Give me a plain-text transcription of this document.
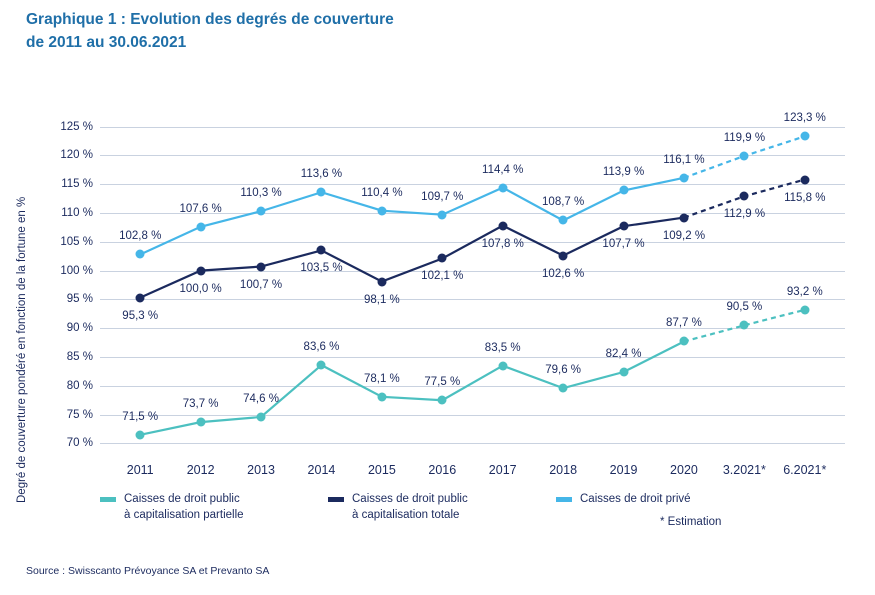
Graphique 1 : Evolution des degrés de couverture
de 2011 au 30.06.2021
Degré de couverture pondéré en fonction de la fortune en %	70 %
75 %
80 %
85 %
90 %
95 %
100 %
105 %
110 %
115 %
120 %
125 %
102,8 %
107,6 %
110,3 %
113,6 %
110,4 % 109,7 %
114,4 %
108,7 %
113,9 %
116,1 %
119,9 %
123,3 %
95,3 %
100,0 % 100,7 %
103,5 %
98,1 %
102,1 %
107,8 %
102,6 %
107,7 %
109,2 %
112,9 %
115,8 %
71,5 %
73,7 % 74,6 %
83,6 %
78,1 % 77,5 %
83,5 %
79,6 %
82,4 %
87,7 %
90,5 %
93,2 %
2011	2012	2013	2014	2015	2016	2017	2018	2019	2020 3.2021* 6.2021*
Caisses de droit public
à capitalisation partielle
Caisses de droit public
à capitalisation totale
Caisses de droit privé
* Estimation
Source : Swisscanto Prévoyance SA et Prevanto SA
